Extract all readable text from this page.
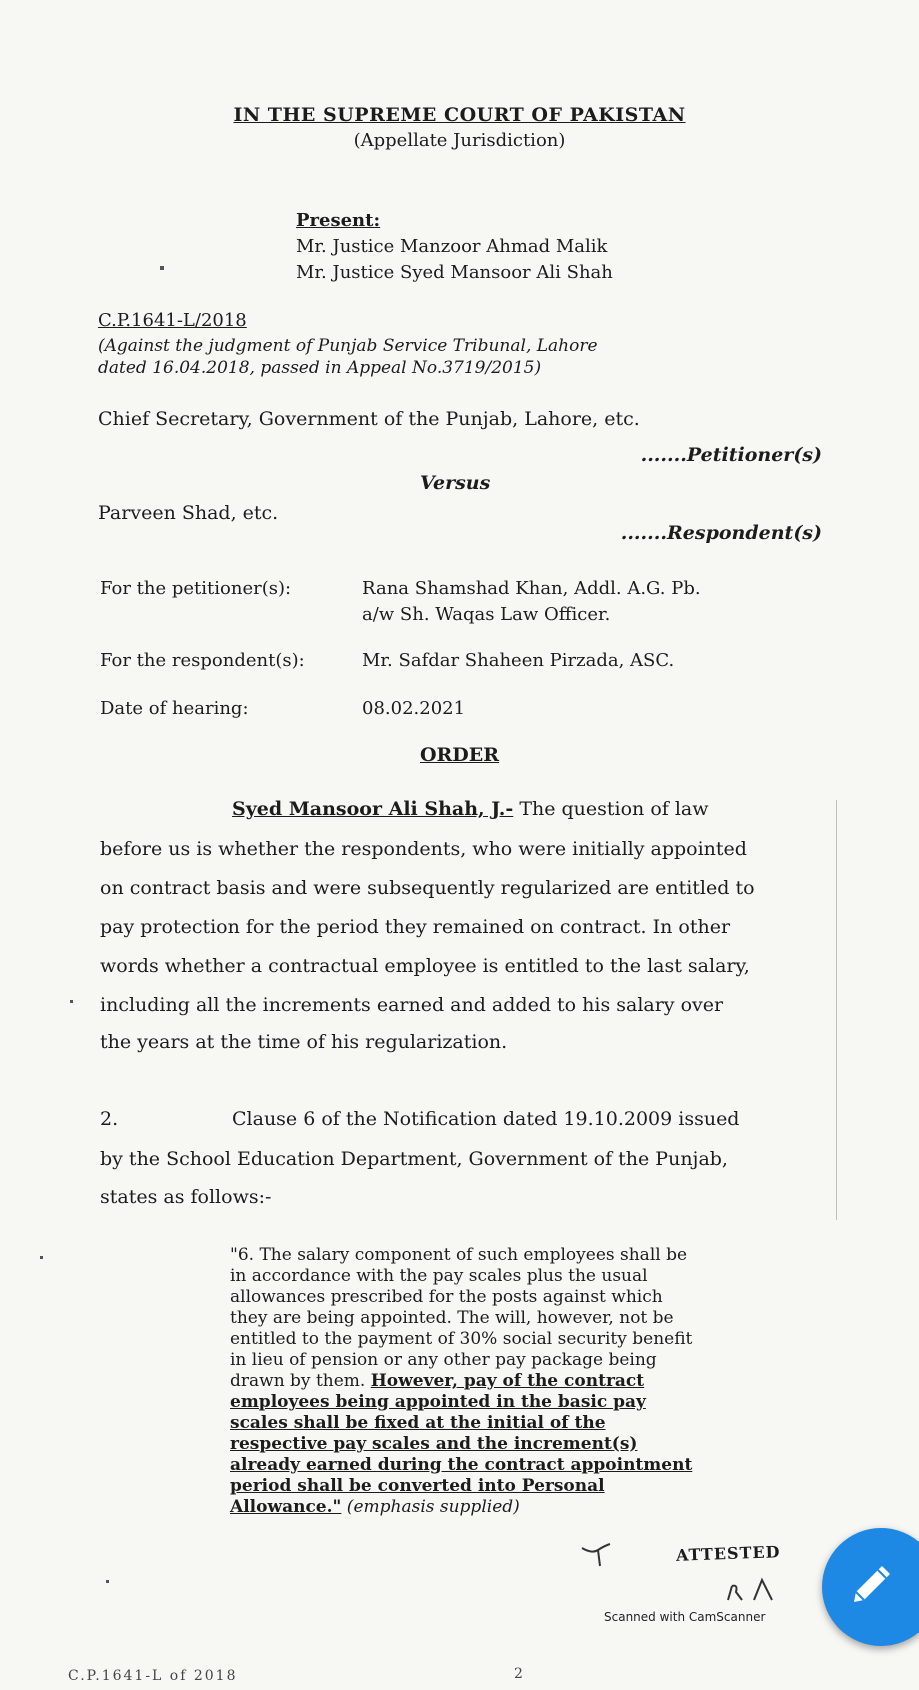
IN THE SUPREME COURT OF PAKISTAN
(Appellate Jurisdiction)
Present:
Mr. Justice Manzoor Ahmad Malik
Mr. Justice Syed Mansoor Ali Shah
C.P.1641-L/2018
(Against the judgment of Punjab Service Tribunal, Lahore
dated 16.04.2018, passed in Appeal No.3719/2015)
Chief Secretary, Government of the Punjab, Lahore, etc.
.......Petitioner(s)
Versus
Parveen Shad, etc.
.......Respondent(s)
For the petitioner(s):	Rana Shamshad Khan, Addl. A.G. Pb.
a/w Sh. Waqas Law Officer.
For the respondent(s):	Mr. Safdar Shaheen Pirzada, ASC.
Date of hearing:	08.02.2021
ORDER
Syed Mansoor Ali Shah, J.- The question of law
before us is whether the respondents, who were initially appointed
on contract basis and were subsequently regularized are entitled to
pay protection for the period they remained on contract. In other
words whether a contractual employee is entitled to the last salary,
including all the increments earned and added to his salary over
the years at the time of his regularization.
2.	Clause 6 of the Notification dated 19.10.2009 issued
by the School Education Department, Government of the Punjab,
states as follows:-
"6. The salary component of such employees shall be
in accordance with the pay scales plus the usual
allowances prescribed for the posts against which
they are being appointed. The will, however, not be
entitled to the payment of 30% social security benefit
in lieu of pension or any other pay package being
drawn by them. However, pay of the contract
employees being appointed in the basic pay
scales shall be fixed at the initial of the
respective pay scales and the increment(s)
already earned during the contract appointment
period shall be converted into Personal
Allowance." (emphasis supplied)
ATTESTED
Scanned with CamScanner
C.P.1641-L of 2018	2
